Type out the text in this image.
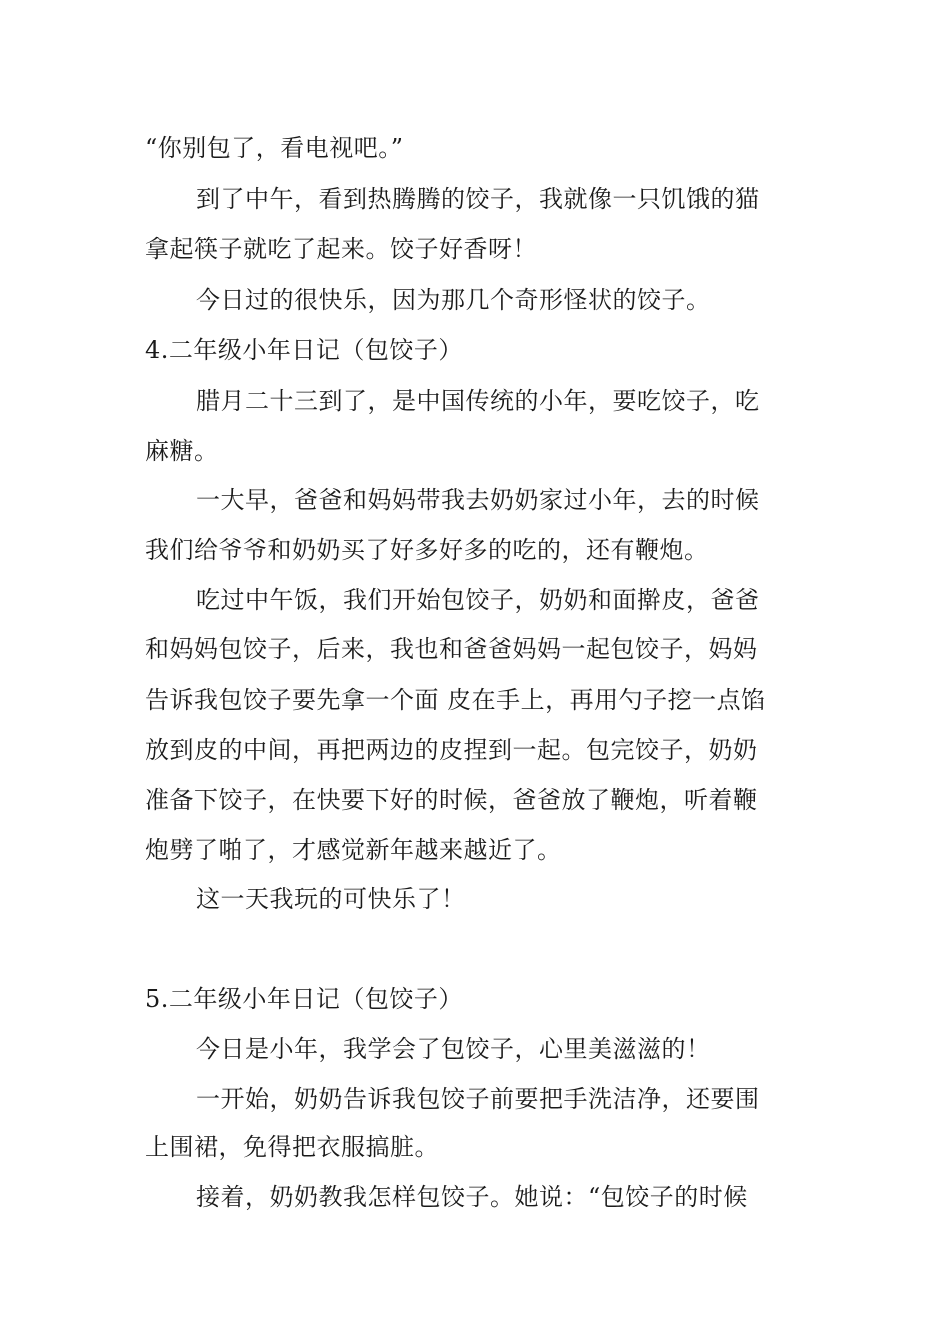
“你别包了，看电视吧。”
到了中午，看到热腾腾的饺子，我就像一只饥饿的猫
拿起筷子就吃了起来。饺子好香呀！
今日过的很快乐，因为那几个奇形怪状的饺子。
4.二年级小年日记（包饺子）
腊月二十三到了，是中国传统的小年，要吃饺子，吃
麻糖。
一大早，爸爸和妈妈带我去奶奶家过小年，去的时候
我们给爷爷和奶奶买了好多好多的吃的，还有鞭炮。
吃过中午饭，我们开始包饺子，奶奶和面擀皮，爸爸
和妈妈包饺子，后来，我也和爸爸妈妈一起包饺子，妈妈
告诉我包饺子要先拿一个面 皮在手上，再用勺子挖一点馅
放到皮的中间，再把两边的皮捏到一起。包完饺子，奶奶
准备下饺子，在快要下好的时候，爸爸放了鞭炮，听着鞭
炮劈了啪了，才感觉新年越来越近了。
这一天我玩的可快乐了！
5.二年级小年日记（包饺子）
今日是小年，我学会了包饺子，心里美滋滋的！
一开始，奶奶告诉我包饺子前要把手洗洁净，还要围
上围裙，免得把衣服搞脏。
接着，奶奶教我怎样包饺子。她说：“包饺子的时候
